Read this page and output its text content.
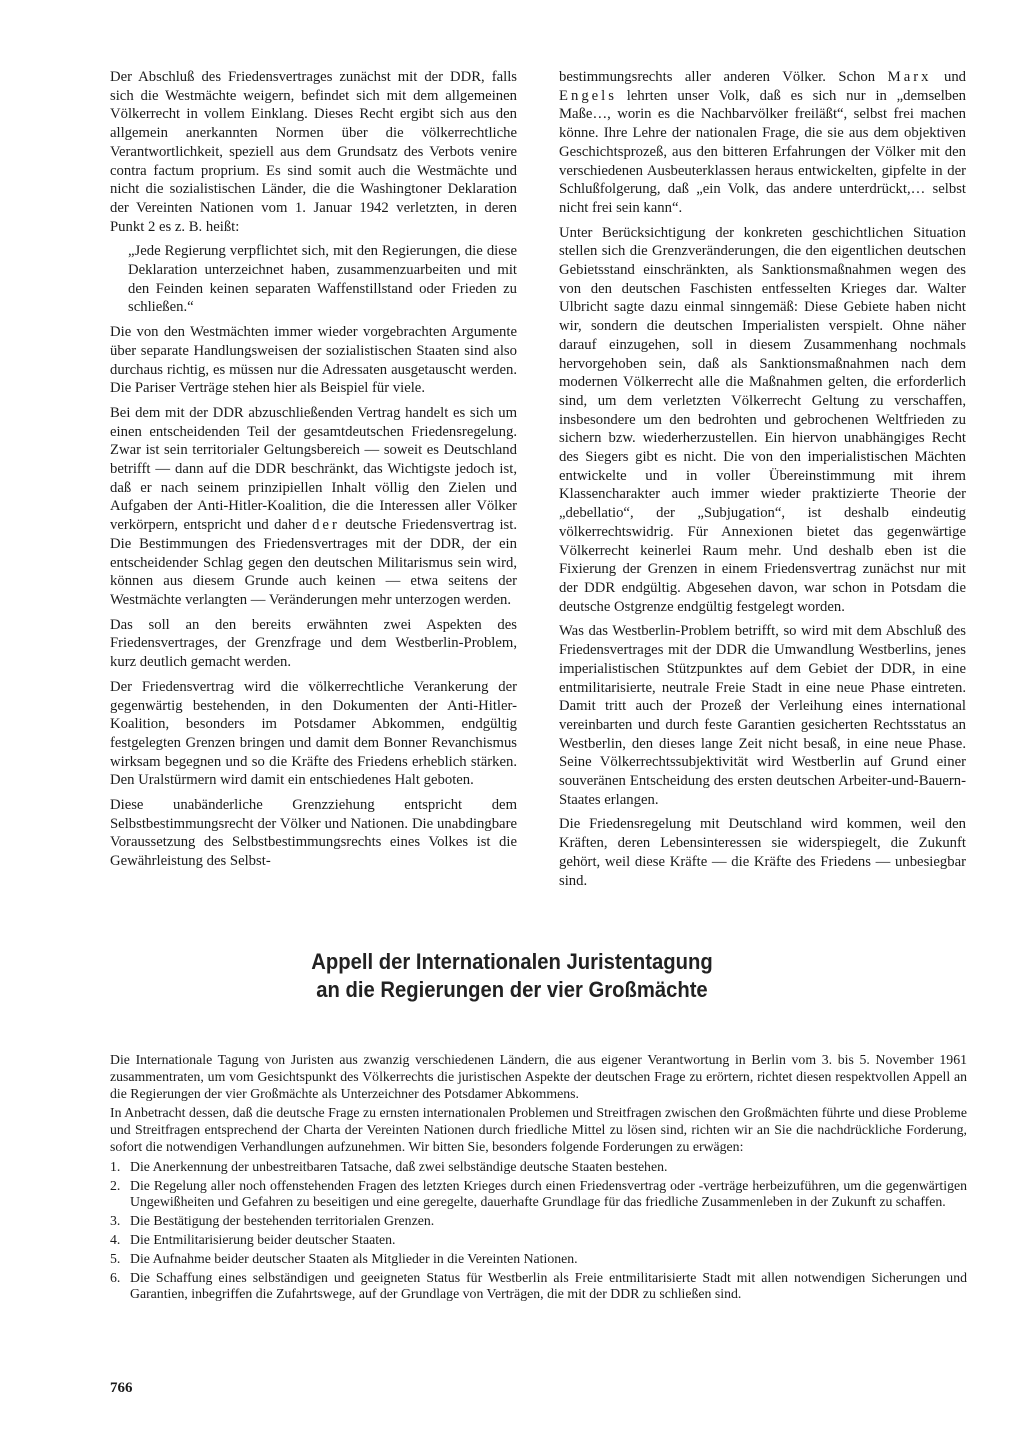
Der Abschluß des Friedensvertrages zunächst mit der DDR, falls sich die Westmächte weigern, befindet sich mit dem allgemeinen Völkerrecht in vollem Einklang. Dieses Recht ergibt sich aus den allgemein anerkannten Normen über die völkerrechtliche Verantwortlichkeit, speziell aus dem Grundsatz des Verbots venire contra factum proprium. Es sind somit auch die Westmächte und nicht die sozialistischen Länder, die die Washingtoner Deklaration der Vereinten Nationen vom 1. Januar 1942 verletzten, in deren Punkt 2 es z. B. heißt:

„Jede Regierung verpflichtet sich, mit den Regierungen, die diese Deklaration unterzeichnet haben, zusammenzuarbeiten und mit den Feinden keinen separaten Waffenstillstand oder Frieden zu schließen.“

Die von den Westmächten immer wieder vorgebrachten Argumente über separate Handlungsweisen der sozialistischen Staaten sind also durchaus richtig, es müssen nur die Adressaten ausgetauscht werden. Die Pariser Verträge stehen hier als Beispiel für viele.

Bei dem mit der DDR abzuschließenden Vertrag handelt es sich um einen entscheidenden Teil der gesamtdeutschen Friedensregelung. Zwar ist sein territorialer Geltungsbereich — soweit es Deutschland betrifft — dann auf die DDR beschränkt, das Wichtigste jedoch ist, daß er nach seinem prinzipiellen Inhalt völlig den Zielen und Aufgaben der Anti-Hitler-Koalition, die die Interessen aller Völker verkörpern, entspricht und daher der deutsche Friedensvertrag ist. Die Bestimmungen des Friedensvertrages mit der DDR, der ein entscheidender Schlag gegen den deutschen Militarismus sein wird, können aus diesem Grunde auch keinen — etwa seitens der Westmächte verlangten — Veränderungen mehr unterzogen werden.

Das soll an den bereits erwähnten zwei Aspekten des Friedensvertrages, der Grenzfrage und dem Westberlin-Problem, kurz deutlich gemacht werden.

Der Friedensvertrag wird die völkerrechtliche Verankerung der gegenwärtig bestehenden, in den Dokumenten der Anti-Hitler-Koalition, besonders im Potsdamer Abkommen, endgültig festgelegten Grenzen bringen und damit dem Bonner Revanchismus wirksam begegnen und so die Kräfte des Friedens erheblich stärken. Den Uralstürmern wird damit ein entschiedenes Halt geboten.

Diese unabänderliche Grenzziehung entspricht dem Selbstbestimmungsrecht der Völker und Nationen. Die unabdingbare Voraussetzung des Selbstbestimmungsrechts eines Volkes ist die Gewährleistung des Selbst-

bestimmungsrechts aller anderen Völker. Schon Marx und Engels lehrten unser Volk, daß es sich nur in „demselben Maße…, worin es die Nachbarvölker freiläßt“, selbst frei machen könne. Ihre Lehre der nationalen Frage, die sie aus dem objektiven Geschichtsprozeß, aus den bitteren Erfahrungen der Völker mit den verschiedenen Ausbeuterklassen heraus entwickelten, gipfelte in der Schlußfolgerung, daß „ein Volk, das andere unterdrückt,… selbst nicht frei sein kann“.

Unter Berücksichtigung der konkreten geschichtlichen Situation stellen sich die Grenzveränderungen, die den eigentlichen deutschen Gebietsstand einschränkten, als Sanktionsmaßnahmen wegen des von den deutschen Faschisten entfesselten Krieges dar. Walter Ulbricht sagte dazu einmal sinngemäß: Diese Gebiete haben nicht wir, sondern die deutschen Imperialisten verspielt. Ohne näher darauf einzugehen, soll in diesem Zusammenhang nochmals hervorgehoben sein, daß als Sanktionsmaßnahmen nach dem modernen Völkerrecht alle die Maßnahmen gelten, die erforderlich sind, um dem verletzten Völkerrecht Geltung zu verschaffen, insbesondere um den bedrohten und gebrochenen Weltfrieden zu sichern bzw. wiederherzustellen. Ein hiervon unabhängiges Recht des Siegers gibt es nicht. Die von den imperialistischen Mächten entwickelte und in voller Übereinstimmung mit ihrem Klassencharakter auch immer wieder praktizierte Theorie der „debellatio“, der „Subjugation“, ist deshalb eindeutig völkerrechtswidrig. Für Annexionen bietet das gegenwärtige Völkerrecht keinerlei Raum mehr. Und deshalb eben ist die Fixierung der Grenzen in einem Friedensvertrag zunächst nur mit der DDR endgültig. Abgesehen davon, war schon in Potsdam die deutsche Ostgrenze endgültig festgelegt worden.

Was das Westberlin-Problem betrifft, so wird mit dem Abschluß des Friedensvertrages mit der DDR die Umwandlung Westberlins, jenes imperialistischen Stützpunktes auf dem Gebiet der DDR, in eine entmilitarisierte, neutrale Freie Stadt in eine neue Phase eintreten. Damit tritt auch der Prozeß der Verleihung eines international vereinbarten und durch feste Garantien gesicherten Rechtsstatus an Westberlin, den dieses lange Zeit nicht besaß, in eine neue Phase. Seine Völkerrechtssubjektivität wird Westberlin auf Grund einer souveränen Entscheidung des ersten deutschen Arbeiter-und-Bauern-Staates erlangen.

Die Friedensregelung mit Deutschland wird kommen, weil den Kräften, deren Lebensinteressen sie widerspiegelt, die Zukunft gehört, weil diese Kräfte — die Kräfte des Friedens — unbesiegbar sind.

Appell der Internationalen Juristentagung
an die Regierungen der vier Großmächte

Die Internationale Tagung von Juristen aus zwanzig verschiedenen Ländern, die aus eigener Verantwortung in Berlin vom 3. bis 5. November 1961 zusammentraten, um vom Gesichtspunkt des Völkerrechts die juristischen Aspekte der deutschen Frage zu erörtern, richtet diesen respektvollen Appell an die Regierungen der vier Großmächte als Unterzeichner des Potsdamer Abkommens.

In Anbetracht dessen, daß die deutsche Frage zu ernsten internationalen Problemen und Streitfragen zwischen den Großmächten führte und diese Probleme und Streitfragen entsprechend der Charta der Vereinten Nationen durch friedliche Mittel zu lösen sind, richten wir an Sie die nachdrückliche Forderung, sofort die notwendigen Verhandlungen aufzunehmen. Wir bitten Sie, besonders folgende Forderungen zu erwägen:

1. Die Anerkennung der unbestreitbaren Tatsache, daß zwei selbständige deutsche Staaten bestehen.
2. Die Regelung aller noch offenstehenden Fragen des letzten Krieges durch einen Friedensvertrag oder -verträge herbeizuführen, um die gegenwärtigen Ungewißheiten und Gefahren zu beseitigen und eine geregelte, dauerhafte Grundlage für das friedliche Zusammenleben in der Zukunft zu schaffen.
3. Die Bestätigung der bestehenden territorialen Grenzen.
4. Die Entmilitarisierung beider deutscher Staaten.
5. Die Aufnahme beider deutscher Staaten als Mitglieder in die Vereinten Nationen.
6. Die Schaffung eines selbständigen und geeigneten Status für Westberlin als Freie entmilitarisierte Stadt mit allen notwendigen Sicherungen und Garantien, inbegriffen die Zufahrtswege, auf der Grundlage von Verträgen, die mit der DDR zu schließen sind.
766
